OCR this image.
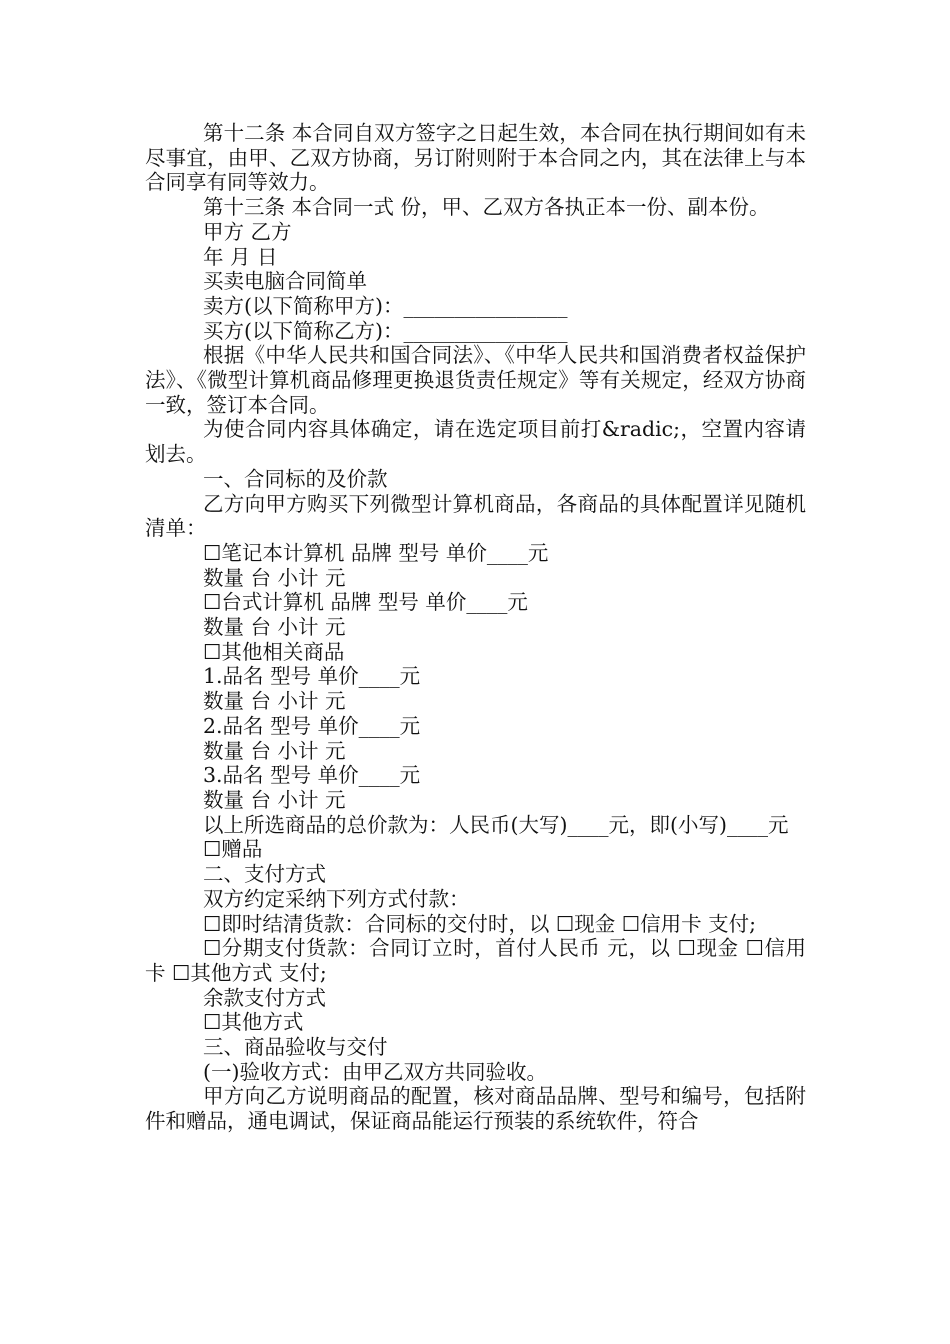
第十二条 本合同自双方签字之日起生效，本合同在执行期间如有未尽事宜，由甲、乙双方协商，另订附则附于本合同之内，其在法律上与本合同享有同等效力。

第十三条 本合同一式 份，甲、乙双方各执正本一份、副本份。

甲方 乙方

年 月 日

买卖电脑合同简单

卖方(以下简称甲方)：________________

买方(以下简称乙方)：________________

根据《中华人民共和国合同法》、《中华人民共和国消费者权益保护法》、《微型计算机商品修理更换退货责任规定》等有关规定，经双方协商一致，签订本合同。

为使合同内容具体确定，请在选定项目前打&radic;，空置内容请划去。

一、合同标的及价款

乙方向甲方购买下列微型计算机商品，各商品的具体配置详见随机清单：

☐笔记本计算机 品牌 型号 单价____元

数量 台 小计 元

☐台式计算机 品牌 型号 单价____元

数量 台 小计 元

☐其他相关商品

1.品名 型号 单价____元

数量 台 小计 元

2.品名 型号 单价____元

数量 台 小计 元

3.品名 型号 单价____元

数量 台 小计 元

以上所选商品的总价款为：人民币(大写)____元，即(小写)____元

☐赠品

二、支付方式

双方约定采纳下列方式付款：

☐即时结清货款：合同标的交付时，以 ☐现金 ☐信用卡 支付;

☐分期支付货款：合同订立时，首付人民币 元，以 ☐现金 ☐信用卡 ☐其他方式 支付;

余款支付方式

☐其他方式

三、商品验收与交付

(一)验收方式：由甲乙双方共同验收。

甲方向乙方说明商品的配置，核对商品品牌、型号和编号，包括附件和赠品，通电调试，保证商品能运行预装的系统软件，符合
